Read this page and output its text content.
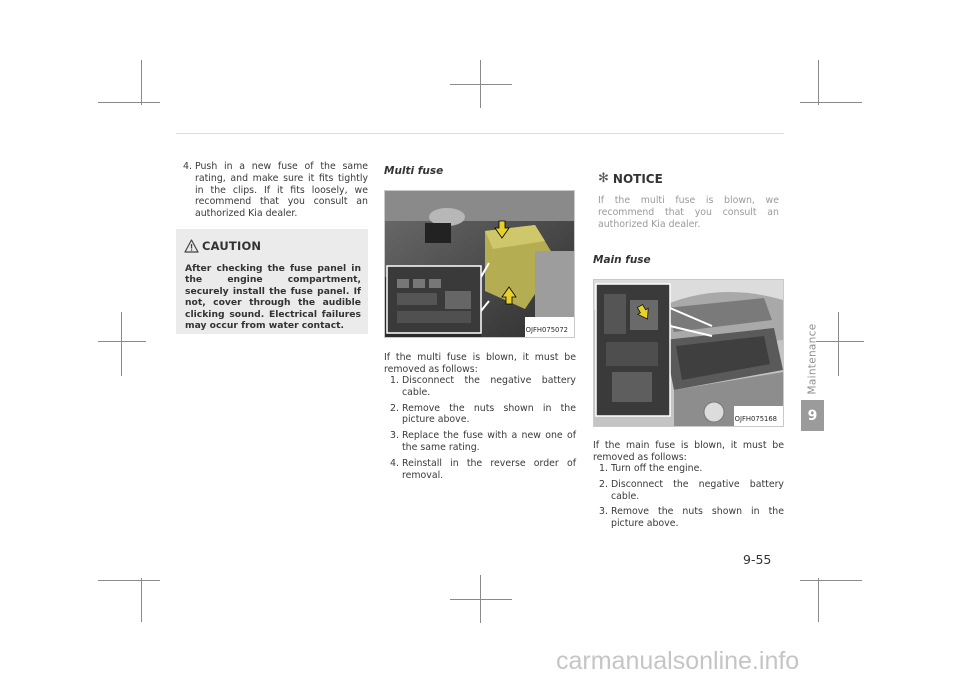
4. Push in a new fuse of the same rating, and make sure it fits tightly in the clips. If it fits loosely, we recommend that you consult an authorized Kia dealer.
CAUTION
After checking the fuse panel in the engine compartment, securely install the fuse panel. If not, cover through the audible clicking sound. Electrical failures may occur from water contact.
Multi fuse
OJFH075072
If the multi fuse is blown, it must be removed as follows:
1. Disconnect the negative battery cable.
2. Remove the nuts shown in the picture above.
3. Replace the fuse with a new one of the same rating.
4. Reinstall in the reverse order of removal.
✻ NOTICE
If the multi fuse is blown, we recommend that you consult an authorized Kia dealer.
Main fuse
OJFH075168
If the main fuse is blown, it must be removed as follows:
1. Turn off the engine.
2. Disconnect the negative battery cable.
3. Remove the nuts shown in the picture above.
Maintenance
9
9-55
carmanualsonline.info
